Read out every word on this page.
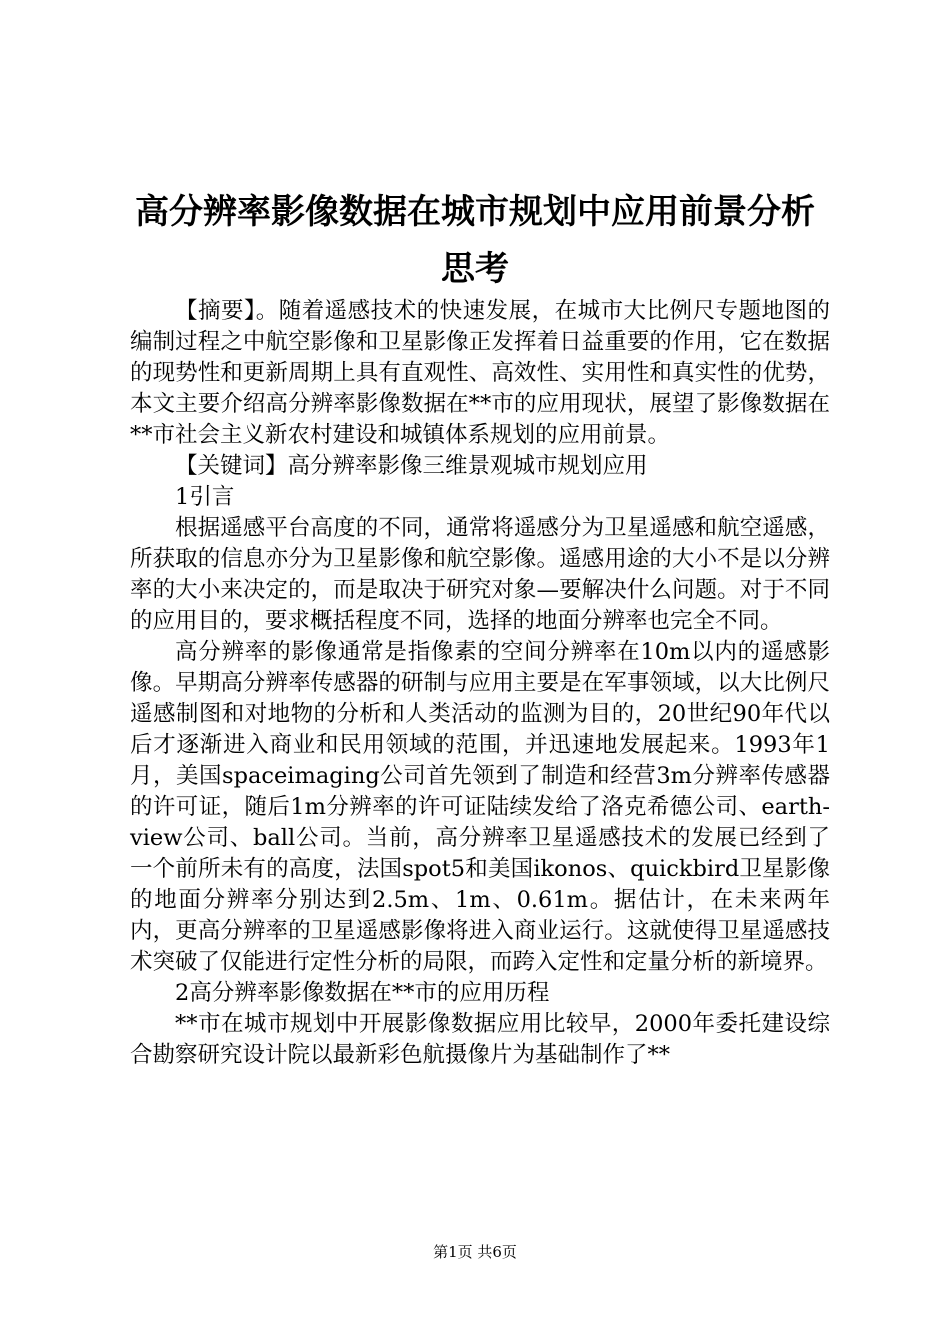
高分辨率影像数据在城市规划中应用前景分析
思考

【摘要】。随着遥感技术的快速发展，在城市大比例尺专题地图的编制过程之中航空影像和卫星影像正发挥着日益重要的作用，它在数据的现势性和更新周期上具有直观性、高效性、实用性和真实性的优势，本文主要介绍高分辨率影像数据在**市的应用现状，展望了影像数据在**市社会主义新农村建设和城镇体系规划的应用前景。

【关键词】高分辨率影像三维景观城市规划应用

1引言

根据遥感平台高度的不同，通常将遥感分为卫星遥感和航空遥感，所获取的信息亦分为卫星影像和航空影像。遥感用途的大小不是以分辨率的大小来决定的，而是取决于研究对象—要解决什么问题。对于不同的应用目的，要求概括程度不同，选择的地面分辨率也完全不同。

高分辨率的影像通常是指像素的空间分辨率在10m以内的遥感影像。早期高分辨率传感器的研制与应用主要是在军事领域，以大比例尺遥感制图和对地物的分析和人类活动的监测为目的，20世纪90年代以后才逐渐进入商业和民用领域的范围，并迅速地发展起来。1993年1月，美国spaceimaging公司首先领到了制造和经营3m分辨率传感器的许可证，随后1m分辨率的许可证陆续发给了洛克希德公司、earth-view公司、ball公司。当前，高分辨率卫星遥感技术的发展已经到了一个前所未有的高度，法国spot5和美国ikonos、quickbird卫星影像的地面分辨率分别达到2.5m、1m、0.61m。据估计，在未来两年内，更高分辨率的卫星遥感影像将进入商业运行。这就使得卫星遥感技术突破了仅能进行定性分析的局限，而跨入定性和定量分析的新境界。

2高分辨率影像数据在**市的应用历程

**市在城市规划中开展影像数据应用比较早，2000年委托建设综合勘察研究设计院以最新彩色航摄像片为基础制作了**

第1页 共6页
